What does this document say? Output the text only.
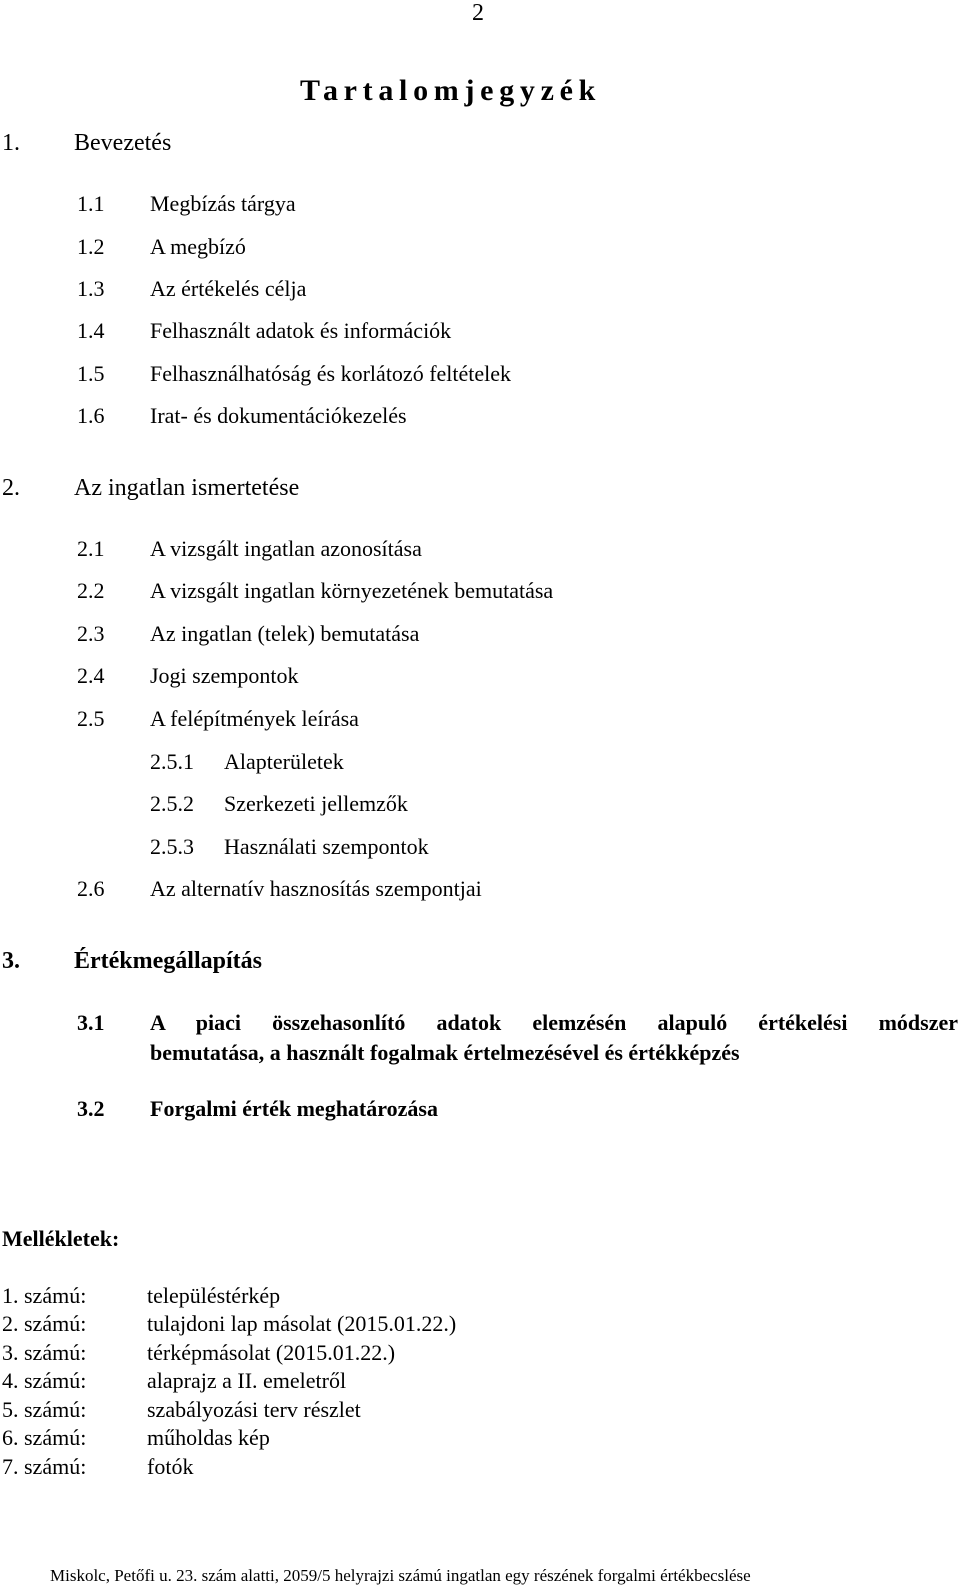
2
Tartalomjegyzék
1. Bevezetés
1.1 Megbízás tárgya
1.2 A megbízó
1.3 Az értékelés célja
1.4 Felhasznált adatok és információk
1.5 Felhasználhatóság és korlátozó feltételek
1.6 Irat- és dokumentációkezelés
2. Az ingatlan ismertetése
2.1 A vizsgált ingatlan azonosítása
2.2 A vizsgált ingatlan környezetének bemutatása
2.3 Az ingatlan (telek) bemutatása
2.4 Jogi szempontok
2.5 A felépítmények leírása
2.5.1 Alapterületek
2.5.2 Szerkezeti jellemzők
2.5.3 Használati szempontok
2.6 Az alternatív hasznosítás szempontjai
3. Értékmegállapítás
3.1 A piaci összehasonlító adatok elemzésén alapuló értékelési módszer
bemutatása, a használt fogalmak értelmezésével és értékképzés
3.2 Forgalmi érték meghatározása
Mellékletek:
1. számú:	településtérkép
2. számú:	tulajdoni lap másolat (2015.01.22.)
3. számú:	térképmásolat (2015.01.22.)
4. számú:	alaprajz a II. emeletről
5. számú:	szabályozási terv részlet
6. számú:	műholdas kép
7. számú:	fotók
Miskolc, Petőfi u. 23. szám alatti, 2059/5 helyrajzi számú ingatlan egy részének forgalmi értékbecslése
